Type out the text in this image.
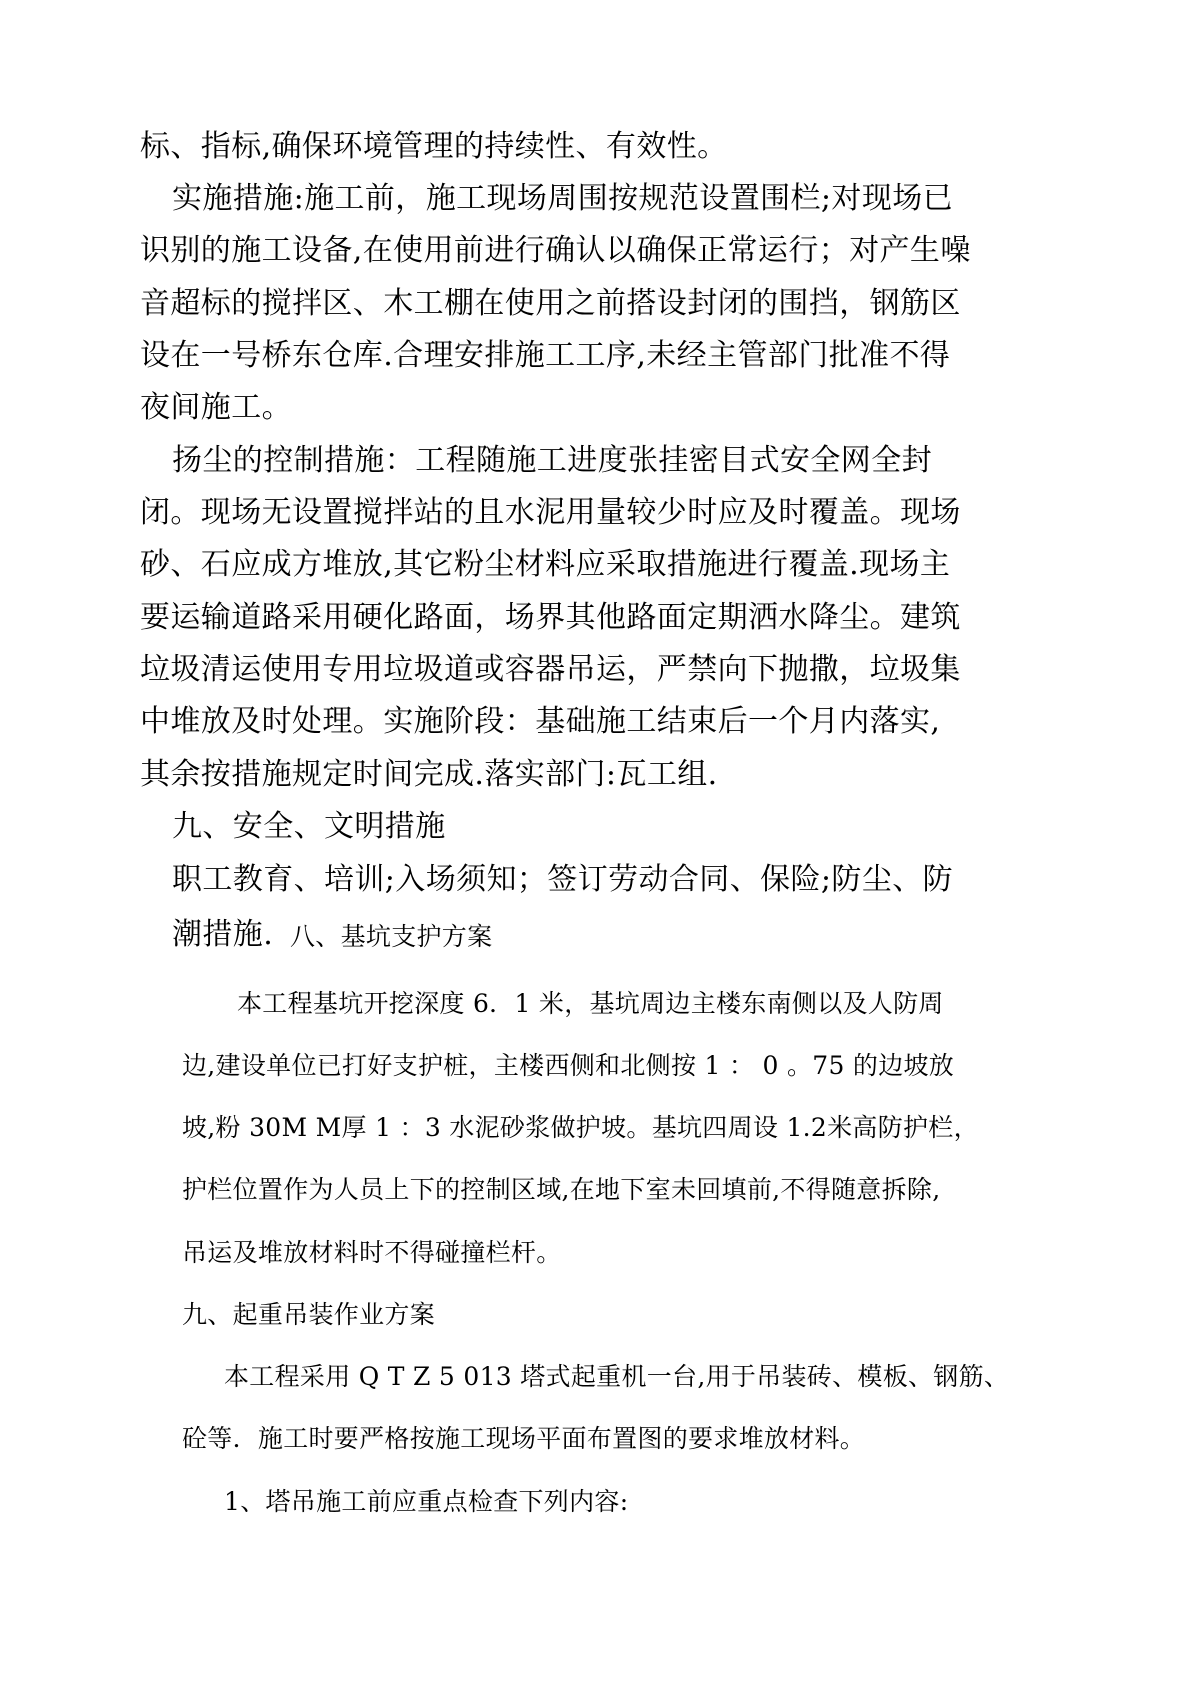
标、指标,确保环境管理的持续性、有效性。
实施措施:施工前，施工现场周围按规范设置围栏;对现场已
识别的施工设备,在使用前进行确认以确保正常运行；对产生噪
音超标的搅拌区、木工棚在使用之前搭设封闭的围挡，钢筋区
设在一号桥东仓库.合理安排施工工序,未经主管部门批准不得
夜间施工。
扬尘的控制措施：工程随施工进度张挂密目式安全网全封
闭。现场无设置搅拌站的且水泥用量较少时应及时覆盖。现场
砂、石应成方堆放,其它粉尘材料应采取措施进行覆盖.现场主
要运输道路采用硬化路面，场界其他路面定期洒水降尘。建筑
垃圾清运使用专用垃圾道或容器吊运，严禁向下抛撒，垃圾集
中堆放及时处理。实施阶段：基础施工结束后一个月内落实,
其余按措施规定时间完成.落实部门:瓦工组.
九、安全、文明措施
职工教育、培训;入场须知；签订劳动合同、保险;防尘、防
潮措施. 八、基坑支护方案
本工程基坑开挖深度 6．1 米，基坑周边主楼东南侧以及人防周
边,建设单位已打好支护桩，主楼西侧和北侧按 1 ： 0 。75 的边坡放
坡,粉 30M M厚 1 ：3 水泥砂浆做护坡。基坑四周设 1.2米高防护栏，
护栏位置作为人员上下的控制区域,在地下室未回填前,不得随意拆除,
吊运及堆放材料时不得碰撞栏杆。
九、起重吊装作业方案
本工程采用 Q T Z 5 013 塔式起重机一台,用于吊装砖、模板、钢筋、
砼等．施工时要严格按施工现场平面布置图的要求堆放材料。
1、塔吊施工前应重点检查下列内容:
